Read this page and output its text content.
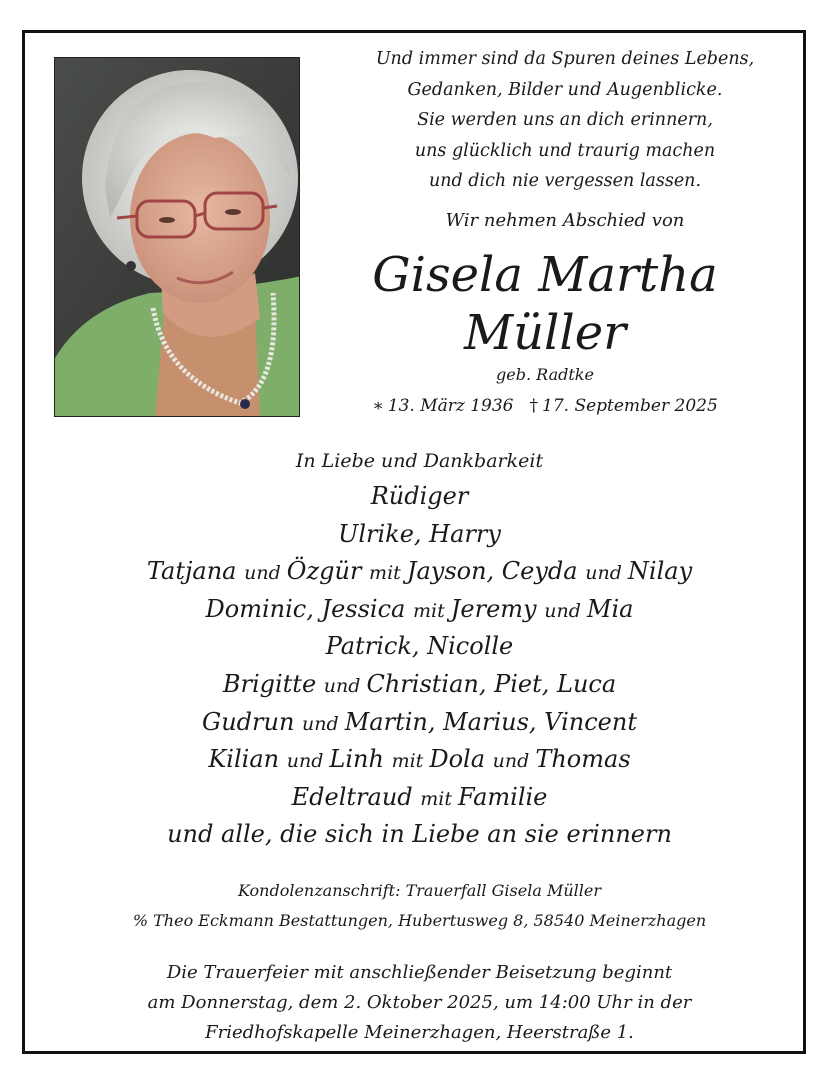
Und immer sind da Spuren deines Lebens,
Gedanken, Bilder und Augenblicke.
Sie werden uns an dich erinnern,
uns glücklich und traurig machen
und dich nie vergessen lassen.
Wir nehmen Abschied von
Gisela Martha
Müller
geb. Radtke
∗ 13. März 1936 † 17. September 2025
In Liebe und Dankbarkeit
Rüdiger
Ulrike, Harry
Tatjana und Özgür mit Jayson, Ceyda und Nilay
Dominic, Jessica mit Jeremy und Mia
Patrick, Nicolle
Brigitte und Christian, Piet, Luca
Gudrun und Martin, Marius, Vincent
Kilian und Linh mit Dola und Thomas
Edeltraud mit Familie
und alle, die sich in Liebe an sie erinnern
Kondolenzanschrift: Trauerfall Gisela Müller
% Theo Eckmann Bestattungen, Hubertusweg 8, 58540 Meinerzhagen
Die Trauerfeier mit anschließender Beisetzung beginnt
am Donnerstag, dem 2. Oktober 2025, um 14:00 Uhr in der
Friedhofskapelle Meinerzhagen, Heerstraße 1.
